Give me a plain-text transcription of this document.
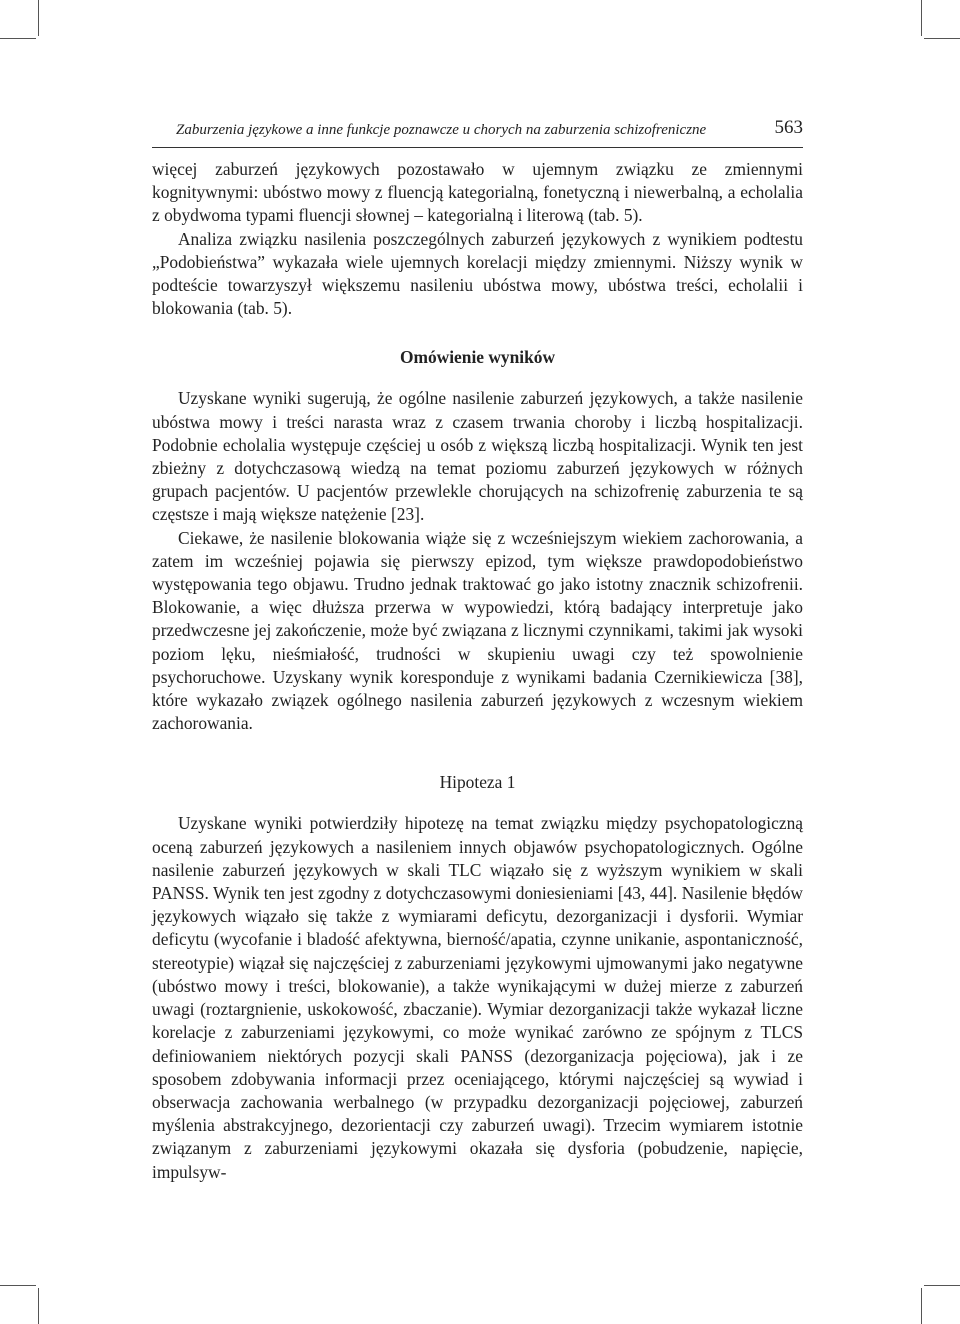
Zaburzenia językowe a inne funkcje poznawcze u chorych na zaburzenia schizofreniczne	563

więcej zaburzeń językowych pozostawało w ujemnym związku ze zmiennymi kognitywnymi: ubóstwo mowy z fluencją kategorialną, fonetyczną i niewerbalną, a echolalia z obydwoma typami fluencji słownej – kategorialną i literową (tab. 5).

Analiza związku nasilenia poszczególnych zaburzeń językowych z wynikiem podtestu „Podobieństwa” wykazała wiele ujemnych korelacji między zmiennymi. Niższy wynik w podteście towarzyszył większemu nasileniu ubóstwa mowy, ubóstwa treści, echolalii i blokowania (tab. 5).

Omówienie wyników

Uzyskane wyniki sugerują, że ogólne nasilenie zaburzeń językowych, a także nasilenie ubóstwa mowy i treści narasta wraz z czasem trwania choroby i liczbą hospitalizacji. Podobnie echolalia występuje częściej u osób z większą liczbą hospitalizacji. Wynik ten jest zbieżny z dotychczasową wiedzą na temat poziomu zaburzeń językowych w różnych grupach pacjentów. U pacjentów przewlekle chorujących na schizofrenię zaburzenia te są częstsze i mają większe natężenie [23].

Ciekawe, że nasilenie blokowania wiąże się z wcześniejszym wiekiem zachorowania, a zatem im wcześniej pojawia się pierwszy epizod, tym większe prawdopodobieństwo występowania tego objawu. Trudno jednak traktować go jako istotny znacznik schizofrenii. Blokowanie, a więc dłuższa przerwa w wypowiedzi, którą badający interpretuje jako przedwczesne jej zakończenie, może być związana z licznymi czynnikami, takimi jak wysoki poziom lęku, nieśmiałość, trudności w skupieniu uwagi czy też spowolnienie psychoruchowe. Uzyskany wynik koresponduje z wynikami badania Czernikiewicza [38], które wykazało związek ogólnego nasilenia zaburzeń językowych z wczesnym wiekiem zachorowania.

Hipoteza 1

Uzyskane wyniki potwierdziły hipotezę na temat związku między psychopatologiczną oceną zaburzeń językowych a nasileniem innych objawów psychopatologicznych. Ogólne nasilenie zaburzeń językowych w skali TLC wiązało się z wyższym wynikiem w skali PANSS. Wynik ten jest zgodny z dotychczasowymi doniesieniami [43, 44]. Nasilenie błędów językowych wiązało się także z wymiarami deficytu, dezorganizacji i dysforii. Wymiar deficytu (wycofanie i bladość afektywna, bierność/apatia, czynne unikanie, aspontaniczność, stereotypie) wiązał się najczęściej z zaburzeniami językowymi ujmowanymi jako negatywne (ubóstwo mowy i treści, blokowanie), a także wynikającymi w dużej mierze z zaburzeń uwagi (roztargnienie, uskokowość, zbaczanie). Wymiar dezorganizacji także wykazał liczne korelacje z zaburzeniami językowymi, co może wynikać zarówno ze spójnym z TLCS definiowaniem niektórych pozycji skali PANSS (dezorganizacja pojęciowa), jak i ze sposobem zdobywania informacji przez oceniającego, którymi najczęściej są wywiad i obserwacja zachowania werbalnego (w przypadku dezorganizacji pojęciowej, zaburzeń myślenia abstrakcyjnego, dezorientacji czy zaburzeń uwagi). Trzecim wymiarem istotnie związanym z zaburzeniami językowymi okazała się dysforia (pobudzenie, napięcie, impulsyw-
